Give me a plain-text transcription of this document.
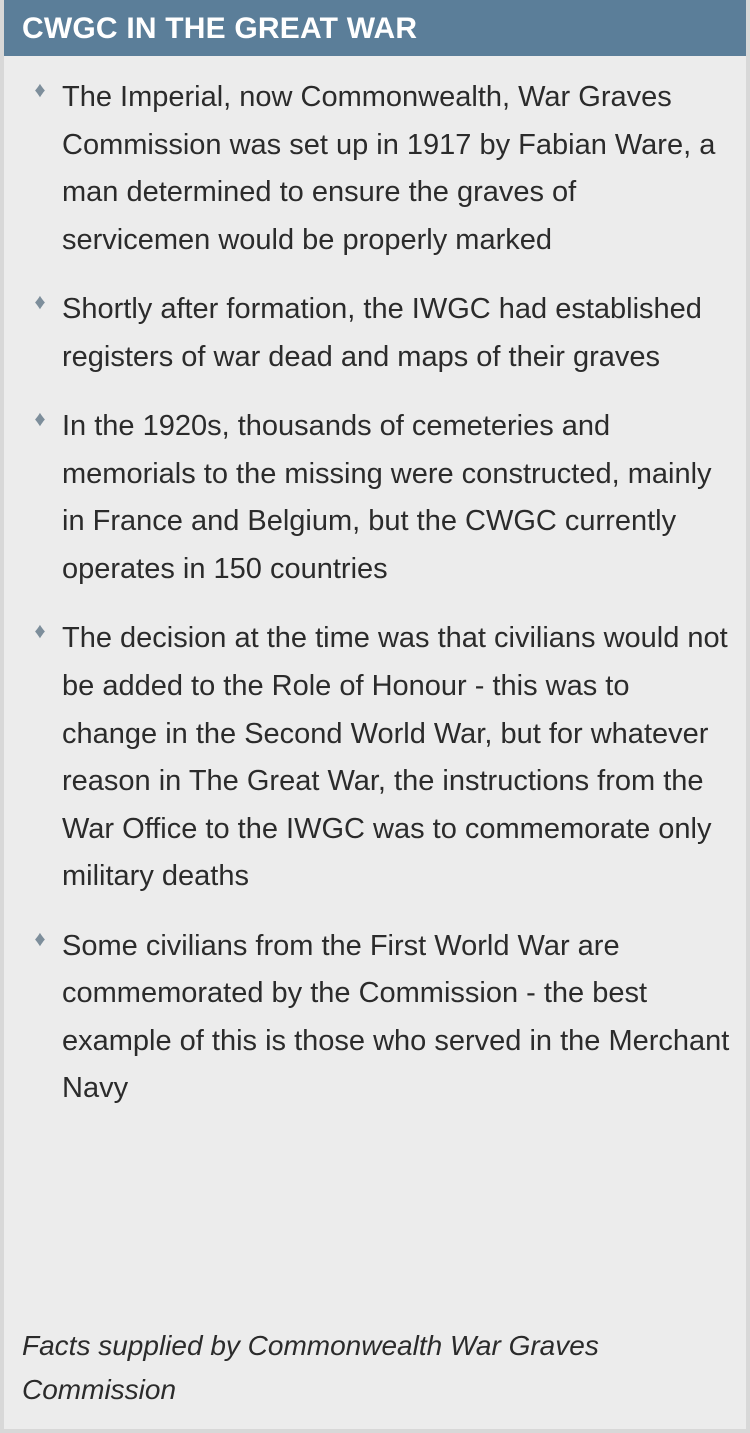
CWGC IN THE GREAT WAR
♦ The Imperial, now Commonwealth, War Graves Commission was set up in 1917 by Fabian Ware, a man determined to ensure the graves of servicemen would be properly marked
♦ Shortly after formation, the IWGC had established registers of war dead and maps of their graves
♦ In the 1920s, thousands of cemeteries and memorials to the missing were constructed, mainly in France and Belgium, but the CWGC currently operates in 150 countries
♦ The decision at the time was that civilians would not be added to the Role of Honour - this was to change in the Second World War, but for whatever reason in The Great War, the instructions from the War Office to the IWGC was to commemorate only military deaths
♦ Some civilians from the First World War are commemorated by the Commission - the best example of this is those who served in the Merchant Navy
Facts supplied by Commonwealth War Graves Commission
